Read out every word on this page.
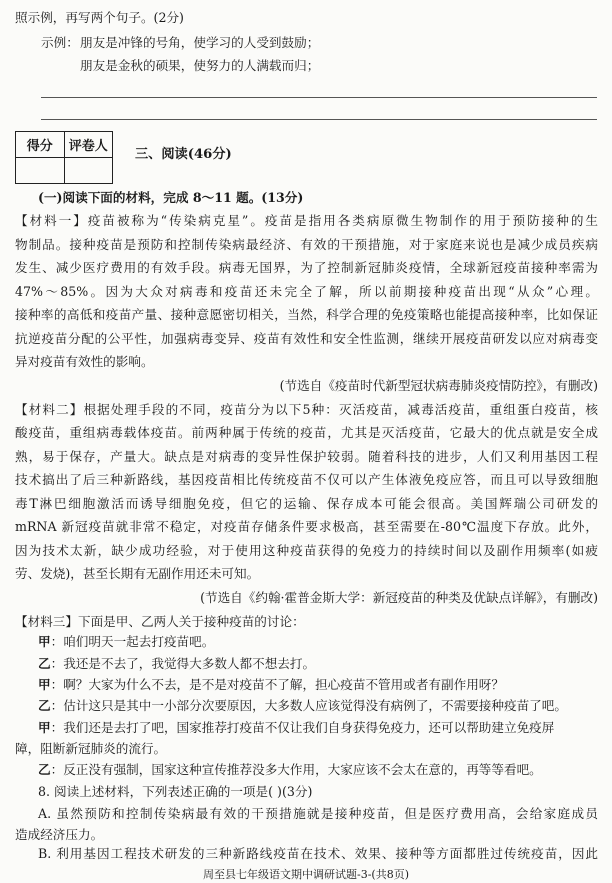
照示例，再写两个句子。(2分)
示例： 朋友是冲锋的号角，使学习的人受到鼓励；
朋友是金秋的硕果，使努力的人满载而归；
得分	评卷人

三、阅读(46分)
(一)阅读下面的材料，完成 8～11 题。(13分)
【材料一】疫苗被称为“传染病克星”。疫苗是指用各类病原微生物制作的用于预防接种的生
物制品。接种疫苗是预防和控制传染病最经济、有效的干预措施，对于家庭来说也是减少成员疾病
发生、减少医疗费用的有效手段。病毒无国界，为了控制新冠肺炎疫情，全球新冠疫苗接种率需为
47%～85%。因为大众对病毒和疫苗还未完全了解，所以前期接种疫苗出现“从众”心理。
接种率的高低和疫苗产量、接种意愿密切相关，当然，科学合理的免疫策略也能提高接种率，比如保证
抗逆疫苗分配的公平性，加强病毒变异、疫苗有效性和安全性监测，继续开展疫苗研发以应对病毒变
异对疫苗有效性的影响。
(节选自《疫苗时代新型冠状病毒肺炎疫情防控》，有删改)
【材料二】根据处理手段的不同，疫苗分为以下5种：灭活疫苗，减毒活疫苗，重组蛋白疫苗，核
酸疫苗，重组病毒载体疫苗。前两种属于传统的疫苗，尤其是灭活疫苗，它最大的优点就是安全成
熟，易于保存，产量大。缺点是对病毒的变异性保护较弱。随着科技的进步，人们又利用基因工程
技术搞出了后三种新路线，基因疫苗相比传统疫苗不仅可以产生体液免疫应答，而且可以导致细胞
毒T淋巴细胞激活而诱导细胞免疫，但它的运输、保存成本可能会很高。美国辉瑞公司研发的
mRNA 新冠疫苗就非常不稳定，对疫苗存储条件要求极高，甚至需要在-80℃温度下存放。此外，
因为技术太新，缺少成功经验，对于使用这种疫苗获得的免疫力的持续时间以及副作用频率(如疲
劳、发烧)，甚至长期有无副作用还未可知。
(节选自《约翰·霍普金斯大学：新冠疫苗的种类及优缺点详解》，有删改)
【材料三】下面是甲、乙两人关于接种疫苗的讨论：
甲：咱们明天一起去打疫苗吧。
乙：我还是不去了，我觉得大多数人都不想去打。
甲：啊？大家为什么不去，是不是对疫苗不了解，担心疫苗不管用或者有副作用呀？
乙：估计这只是其中一小部分次要原因，大多数人应该觉得没有病例了，不需要接种疫苗了吧。
甲：我们还是去打了吧，国家推荐打疫苗不仅让我们自身获得免疫力，还可以帮助建立免疫屏
障，阻断新冠肺炎的流行。
乙：反正没有强制，国家这种宣传推荐没多大作用，大家应该不会太在意的，再等等看吧。
8. 阅读上述材料，下列表述正确的一项是( )(3分)
A. 虽然预防和控制传染病最有效的干预措施就是接种疫苗，但是医疗费用高，会给家庭成员
造成经济压力。
B. 利用基因工程技术研发的三种新路线疫苗在技术、效果、接种等方面都胜过传统疫苗，因此
周至县七年级语文期中调研试题-3-(共8页)
